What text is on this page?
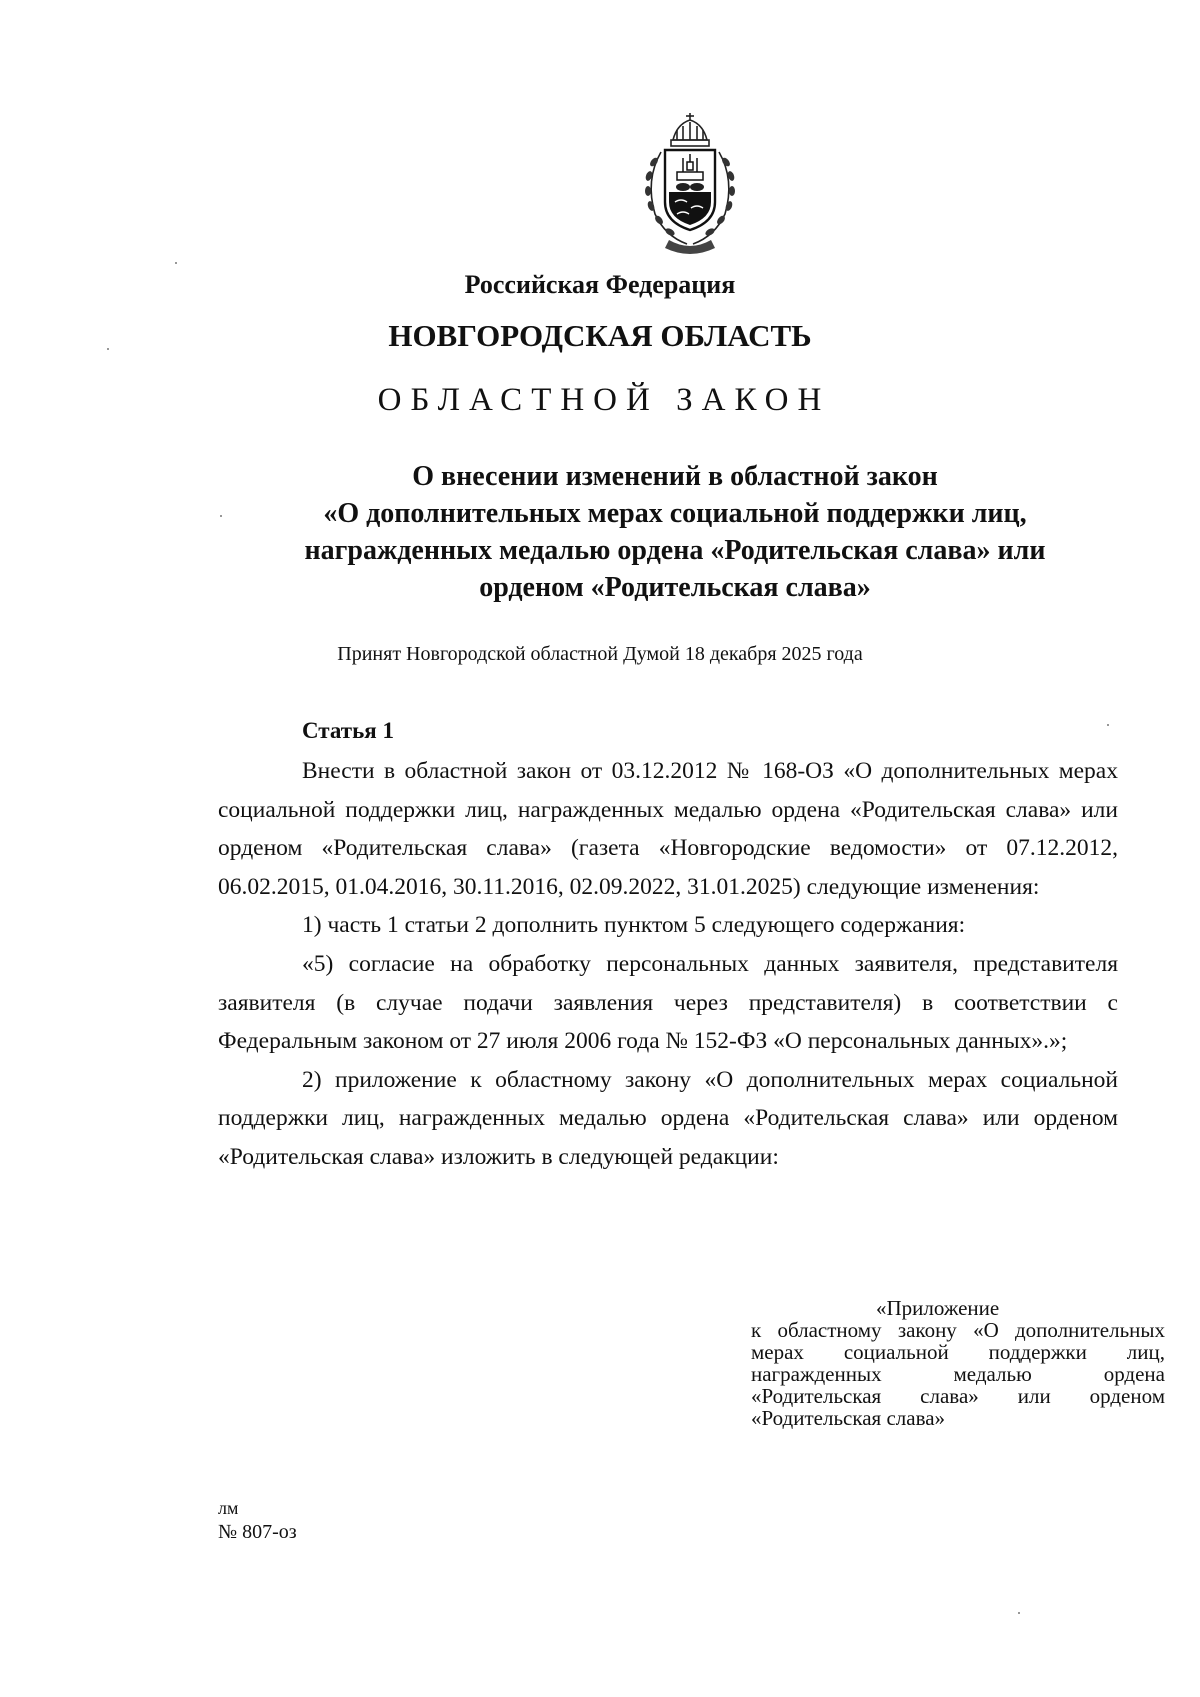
Российская Федерация
НОВГОРОДСКАЯ ОБЛАСТЬ
ОБЛАСТНОЙ ЗАКОН
О внесении изменений в областной закон
«О дополнительных мерах социальной поддержки лиц,
награжденных медалью ордена «Родительская слава» или
орденом «Родительская слава»
Принят Новгородской областной Думой 18 декабря 2025 года
Статья 1

Внести в областной закон от 03.12.2012 № 168-ОЗ «О дополнительных мерах социальной поддержки лиц, награжденных медалью ордена «Родительская слава» или орденом «Родительская слава» (газета «Новгородские ведомости» от 07.12.2012, 06.02.2015, 01.04.2016, 30.11.2016, 02.09.2022, 31.01.2025) следующие изменения:

1) часть 1 статьи 2 дополнить пунктом 5 следующего содержания:

«5) согласие на обработку персональных данных заявителя, представителя заявителя (в случае подачи заявления через представителя) в соответствии с Федеральным законом от 27 июля 2006 года № 152-ФЗ «О персональных данных».»;

2) приложение к областному закону «О дополнительных мерах социальной поддержки лиц, награжденных медалью ордена «Родительская слава» или орденом «Родительская слава» изложить в следующей редакции:

«Приложение
к областному закону «О дополнительных мерах социальной поддержки лиц, награжденных медалью ордена «Родительская слава» или орденом «Родительская слава»
лм
№ 807-оз
